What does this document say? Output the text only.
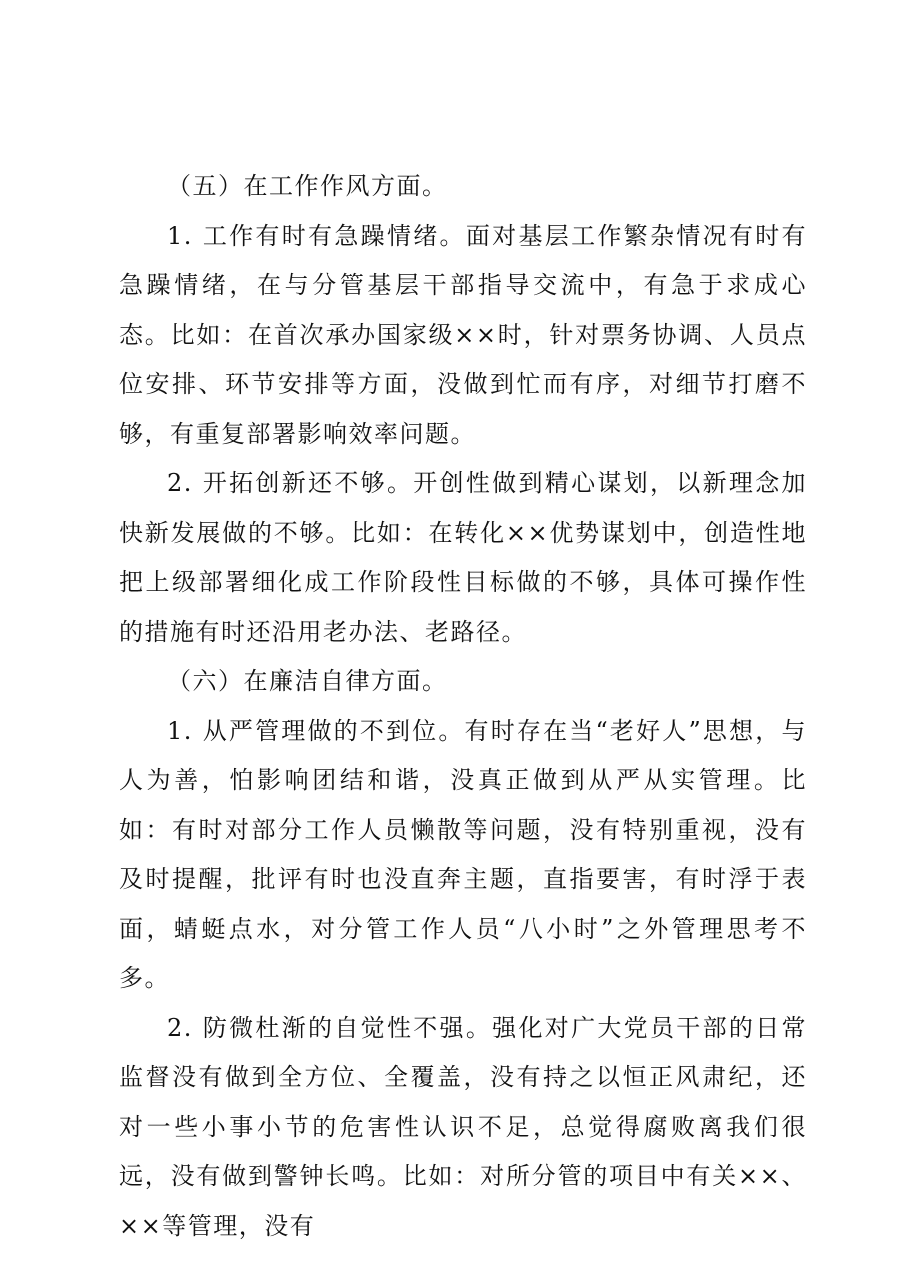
（五）在工作作风方面。

1. 工作有时有急躁情绪。面对基层工作繁杂情况有时有急躁情绪，在与分管基层干部指导交流中，有急于求成心态。比如：在首次承办国家级××时，针对票务协调、人员点位安排、环节安排等方面，没做到忙而有序，对细节打磨不够，有重复部署影响效率问题。

2. 开拓创新还不够。开创性做到精心谋划，以新理念加快新发展做的不够。比如：在转化××优势谋划中，创造性地把上级部署细化成工作阶段性目标做的不够，具体可操作性的措施有时还沿用老办法、老路径。

（六）在廉洁自律方面。

1. 从严管理做的不到位。有时存在当“老好人”思想，与人为善，怕影响团结和谐，没真正做到从严从实管理。比如：有时对部分工作人员懒散等问题，没有特别重视，没有及时提醒，批评有时也没直奔主题，直指要害，有时浮于表面，蜻蜓点水，对分管工作人员“八小时”之外管理思考不多。

2. 防微杜渐的自觉性不强。强化对广大党员干部的日常监督没有做到全方位、全覆盖，没有持之以恒正风肃纪，还对一些小事小节的危害性认识不足，总觉得腐败离我们很远，没有做到警钟长鸣。比如：对所分管的项目中有关××、××等管理，没有
